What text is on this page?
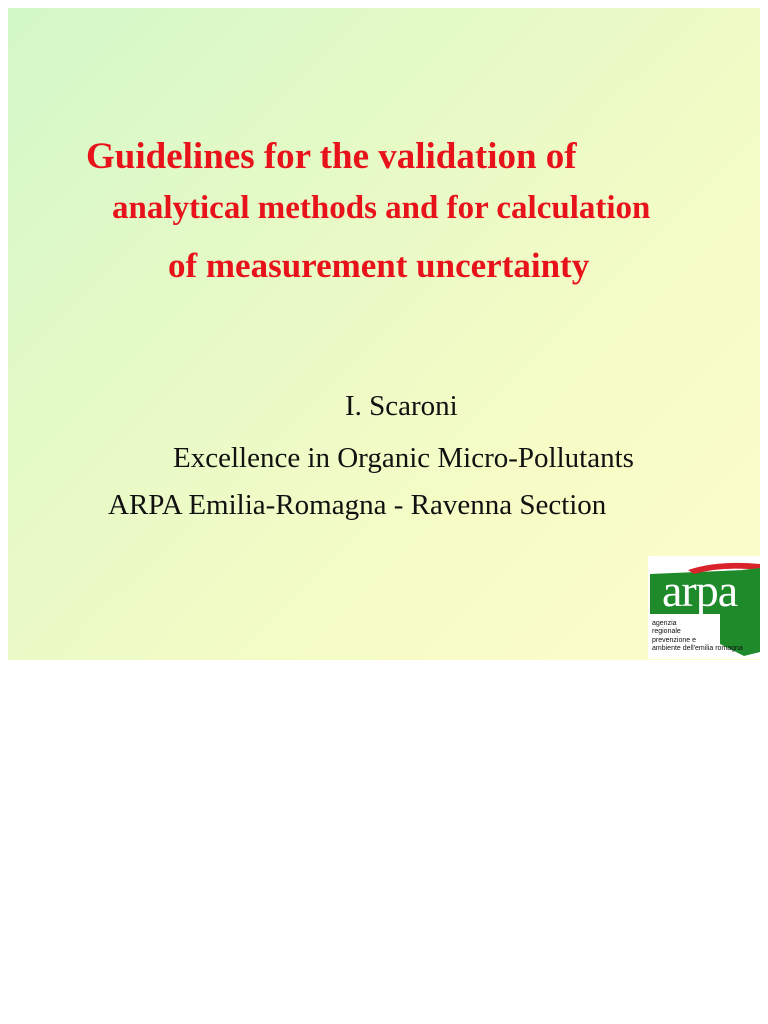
Guidelines for the validation of
analytical methods and for calculation
of measurement uncertainty

I. Scaroni

Excellence in Organic Micro-Pollutants

ARPA Emilia-Romagna - Ravenna Section

arpa
agenzia
regionale
prevenzione e
ambiente dell'emilia romagna
